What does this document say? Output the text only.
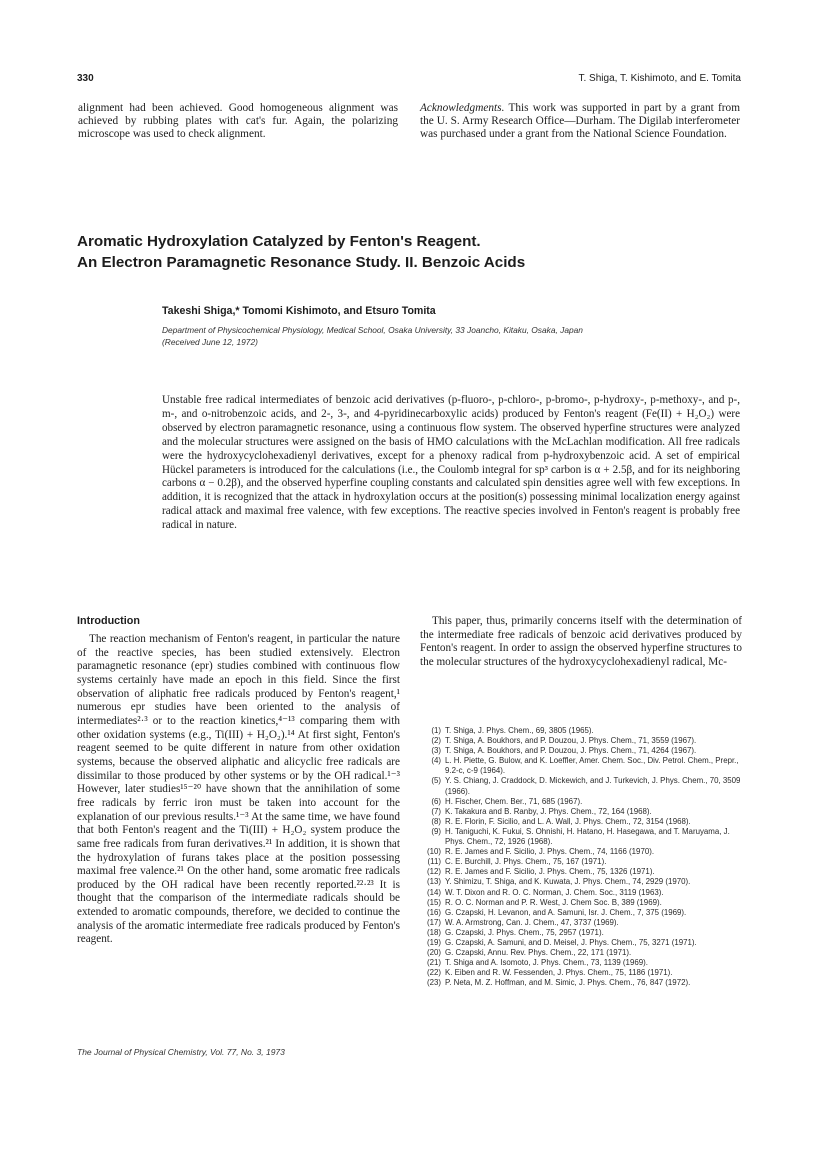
330	T. Shiga, T. Kishimoto, and E. Tomita

alignment had been achieved. Good homogeneous alignment was achieved by rubbing plates with cat's fur. Again, the polarizing microscope was used to check alignment.

Acknowledgments. This work was supported in part by a grant from the U. S. Army Research Office—Durham. The Digilab interferometer was purchased under a grant from the National Science Foundation.

Aromatic Hydroxylation Catalyzed by Fenton's Reagent.
An Electron Paramagnetic Resonance Study. II. Benzoic Acids
Takeshi Shiga,* Tomomi Kishimoto, and Etsuro Tomita
Department of Physicochemical Physiology, Medical School, Osaka University, 33 Joancho, Kitaku, Osaka, Japan
(Received June 12, 1972)
Unstable free radical intermediates of benzoic acid derivatives (p-fluoro-, p-chloro-, p-bromo-, p-hydroxy-, p-methoxy-, and p-, m-, and o-nitrobenzoic acids, and 2-, 3-, and 4-pyridinecarboxylic acids) produced by Fenton's reagent (Fe(II) + H₂O₂) were observed by electron paramagnetic resonance, using a continuous flow system. The observed hyperfine structures were analyzed and the molecular structures were assigned on the basis of HMO calculations with the McLachlan modification. All free radicals were the hydroxycyclohexadienyl derivatives, except for a phenoxy radical from p-hydroxybenzoic acid. A set of empirical Hückel parameters is introduced for the calculations (i.e., the Coulomb integral for sp³ carbon is α + 2.5β, and for its neighboring carbons α − 0.2β), and the observed hyperfine coupling constants and calculated spin densities agree well with few exceptions. In addition, it is recognized that the attack in hydroxylation occurs at the position(s) possessing minimal localization energy against radical attack and maximal free valence, with few exceptions. The reactive species involved in Fenton's reagent is probably free radical in nature.
Introduction

The reaction mechanism of Fenton's reagent, in particular the nature of the reactive species, has been studied extensively. Electron paramagnetic resonance (epr) studies combined with continuous flow systems certainly have made an epoch in this field. Since the first observation of aliphatic free radicals produced by Fenton's reagent,¹ numerous epr studies have been oriented to the analysis of intermediates²·³ or to the reaction kinetics,⁴⁻¹³ comparing them with other oxidation systems (e.g., Ti(III) + H₂O₂).¹⁴ At first sight, Fenton's reagent seemed to be quite different in nature from other oxidation systems, because the observed aliphatic and alicyclic free radicals are dissimilar to those produced by other systems or by the OH radical.¹⁻³ However, later studies¹⁵⁻²⁰ have shown that the annihilation of some free radicals by ferric iron must be taken into account for the explanation of our previous results.¹⁻³ At the same time, we have found that both Fenton's reagent and the Ti(III) + H₂O₂ system produce the same free radicals from furan derivatives.²¹ In addition, it is shown that the hydroxylation of furans takes place at the position possessing maximal free valence.²¹ On the other hand, some aromatic free radicals produced by the OH radical have been recently reported.²²·²³ It is thought that the comparison of the intermediate radicals should be extended to aromatic compounds, therefore, we decided to continue the analysis of the aromatic intermediate free radicals produced by Fenton's reagent.

This paper, thus, primarily concerns itself with the determination of the intermediate free radicals of benzoic acid derivatives produced by Fenton's reagent. In order to assign the observed hyperfine structures to the molecular structures of the hydroxycyclohexadienyl radical, Mc-

(1) T. Shiga, J. Phys. Chem., 69, 3805 (1965).
(2) T. Shiga, A. Boukhors, and P. Douzou, J. Phys. Chem., 71, 3559 (1967).
(3) T. Shiga, A. Boukhors, and P. Douzou, J. Phys. Chem., 71, 4264 (1967).
(4) L. H. Piette, G. Bulow, and K. Loeffler, Amer. Chem. Soc., Div. Petrol. Chem., Prepr., 9.2-c, c-9 (1964).
(5) Y. S. Chiang, J. Craddock, D. Mickewich, and J. Turkevich, J. Phys. Chem., 70, 3509 (1966).
(6) H. Fischer, Chem. Ber., 71, 685 (1967).
(7) K. Takakura and B. Ranby, J. Phys. Chem., 72, 164 (1968).
(8) R. E. Florin, F. Sicilio, and L. A. Wall, J. Phys. Chem., 72, 3154 (1968).
(9) H. Taniguchi, K. Fukui, S. Ohnishi, H. Hatano, H. Hasegawa, and T. Maruyama, J. Phys. Chem., 72, 1926 (1968).
(10) R. E. James and F. Sicilio, J. Phys. Chem., 74, 1166 (1970).
(11) C. E. Burchill, J. Phys. Chem., 75, 167 (1971).
(12) R. E. James and F. Sicilio, J. Phys. Chem., 75, 1326 (1971).
(13) Y. Shimizu, T. Shiga, and K. Kuwata, J. Phys. Chem., 74, 2929 (1970).
(14) W. T. Dixon and R. O. C. Norman, J. Chem. Soc., 3119 (1963).
(15) R. O. C. Norman and P. R. West, J. Chem Soc. B, 389 (1969).
(16) G. Czapski, H. Levanon, and A. Samuni, Isr. J. Chem., 7, 375 (1969).
(17) W. A. Armstrong, Can. J. Chem., 47, 3737 (1969).
(18) G. Czapski, J. Phys. Chem., 75, 2957 (1971).
(19) G. Czapski, A. Samuni, and D. Meisel, J. Phys. Chem., 75, 3271 (1971).
(20) G. Czapski, Annu. Rev. Phys. Chem., 22, 171 (1971).
(21) T. Shiga and A. Isomoto, J. Phys. Chem., 73, 1139 (1969).
(22) K. Eiben and R. W. Fessenden, J. Phys. Chem., 75, 1186 (1971).
(23) P. Neta, M. Z. Hoffman, and M. Simic, J. Phys. Chem., 76, 847 (1972).
The Journal of Physical Chemistry, Vol. 77, No. 3, 1973
